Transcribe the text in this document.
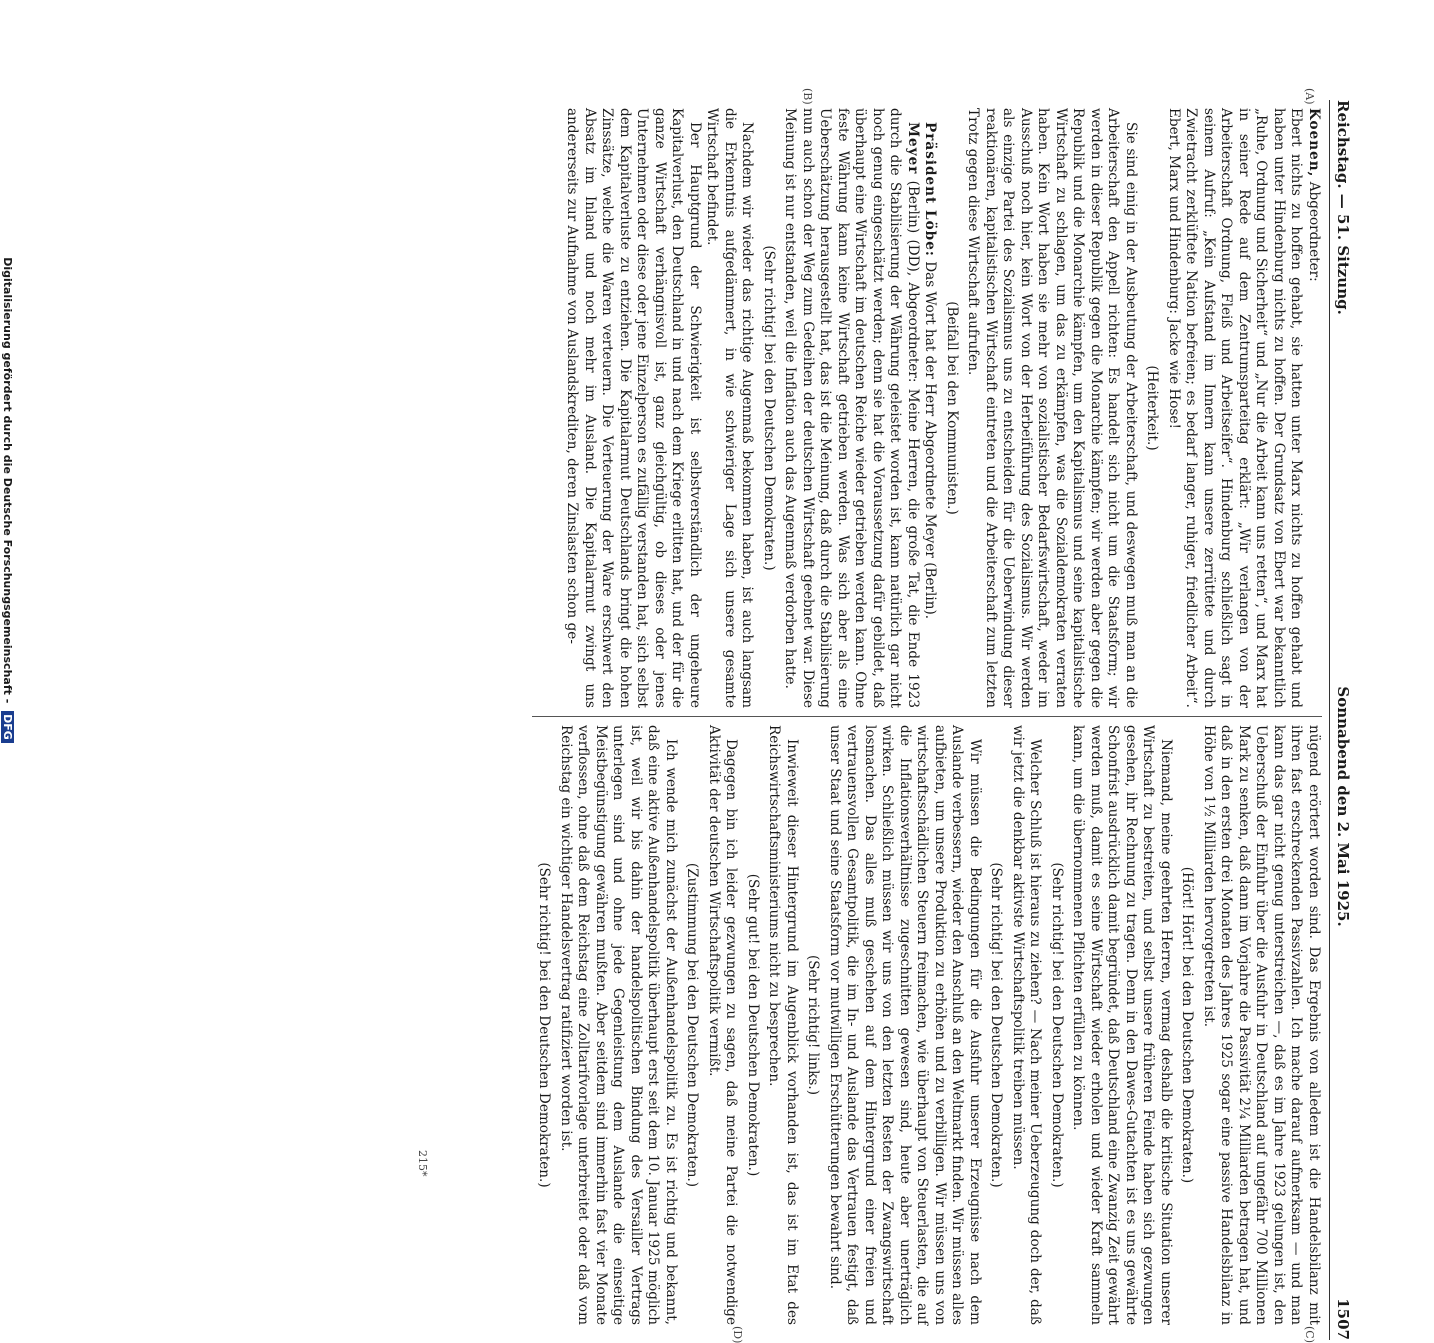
Reichstag. — 51. Sitzung.
Sonnabend den 2. Mai 1925.
1507
(A)
(B)
(C)
(D)

Koenen, Abgeordneter:

Ebert nichts zu hoffen gehabt, sie hatten unter Marx nichts zu hoffen gehabt und haben unter Hindenburg nichts zu hoffen. Der Grundsatz von Ebert war bekanntlich „Ruhe, Ordnung und Sicherheit“ und „Nur die Arbeit kann uns retten“, und Marx hat in seiner Rede auf dem Zentrumsparteitag erklärt: „Wir verlangen von der Arbeiterschaft Ordnung, Fleiß und Arbeitseifer“. Hindenburg schließlich sagt in seinem Aufruf: „Kein Aufstand im Innern kann unsere zerrüttete und durch Zwietracht zerklüftete Nation befreien; es bedarf langer, ruhiger, friedlicher Arbeit“. Ebert, Marx und Hindenburg: Jacke wie Hose!

(Heiterkeit.)

Sie sind einig in der Ausbeutung der Arbeiterschaft, und deswegen muß man an die Arbeiterschaft den Appell richten: Es handelt sich nicht um die Staatsform; wir werden in dieser Republik gegen die Monarchie kämpfen; wir werden aber gegen die Republik und die Monarchie kämpfen, um den Kapitalismus und seine kapitalistische Wirtschaft zu schlagen, um das zu erkämpfen, was die Sozialdemokraten verraten haben. Kein Wort haben sie mehr von sozialistischer Bedarfswirtschaft, weder im Ausschuß noch hier, kein Wort von der Herbeiführung des Sozialismus. Wir werden als einzige Partei des Sozialismus uns zu entscheiden für die Ueberwindung dieser reaktionären, kapitalistischen Wirtschaft eintreten und die Arbeiterschaft zum letzten Trotz gegen diese Wirtschaft aufrufen.

(Beifall bei den Kommunisten.)

Präsident Löbe: Das Wort hat der Herr Abgeordnete Meyer (Berlin).

Meyer (Berlin) (DD), Abgeordneter: Meine Herren, die große Tat, die Ende 1923 durch die Stabilisierung der Währung geleistet worden ist, kann natürlich gar nicht hoch genug eingeschätzt werden; denn sie hat die Voraussetzung dafür gebildet, daß überhaupt eine Wirtschaft im deutschen Reiche wieder getrieben werden kann. Ohne feste Währung kann keine Wirtschaft getrieben werden. Was sich aber als eine Ueberschätzung herausgestellt hat, das ist die Meinung, daß durch die Stabilisierung nun auch schon der Weg zum Gedeihen der deutschen Wirtschaft geebnet war. Diese Meinung ist nur entstanden, weil die Inflation auch das Augenmaß verdorben hatte.

(Sehr richtig! bei den Deutschen Demokraten.)

Nachdem wir wieder das richtige Augenmaß bekommen haben, ist auch langsam die Erkenntnis aufgedämmert, in wie schwieriger Lage sich unsere gesamte Wirtschaft befindet.

Der Hauptgrund der Schwierigkeit ist selbstverständlich der ungeheure Kapitalverlust, den Deutschland in und nach dem Kriege erlitten hat, und der für die ganze Wirtschaft verhängnisvoll ist, ganz gleichgültig, ob dieses oder jenes Unternehmen oder diese oder jene Einzelperson es zufällig verstanden hat, sich selbst dem Kapitalverluste zu entziehen. Die Kapitalarmut Deutschlands bringt die hohen Zinssätze, welche die Waren verteuern. Die Verteuerung der Ware erschwert den Absatz im Inland und noch mehr im Ausland. Die Kapitalarmut zwingt uns andererseits zur Aufnahme von Auslandskrediten, deren Zinslasten schon ge-

nügend erörtert worden sind. Das Ergebnis von alledem ist die Handelsbilanz mit ihren fast erschreckenden Passivzahlen. Ich mache darauf aufmerksam — und man kann das gar nicht genug unterstreichen —, daß es im Jahre 1923 gelungen ist, den Ueberschuß der Einfuhr über die Ausfuhr in Deutschland auf ungefähr 700 Millionen Mark zu senken, daß dann im Vorjahre die Passivität 2¼ Milliarden betragen hat, und daß in den ersten drei Monaten des Jahres 1925 sogar eine passive Handelsbilanz in Höhe von 1½ Milliarden hervorgetreten ist.

(Hört! Hört! bei den Deutschen Demokraten.)

Niemand, meine geehrten Herren, vermag deshalb die kritische Situation unserer Wirtschaft zu bestreiten, und selbst unsere früheren Feinde haben sich gezwungen gesehen, ihr Rechnung zu tragen. Denn in den Dawes-Gutachten ist es uns gewährte Schonfrist ausdrücklich damit begründet, daß Deutschland eine Zwanzig Zeit gewährt werden muß, damit es seine Wirtschaft wieder erholen und wieder Kraft sammeln kann, um die übernommenen Pflichten erfüllen zu können.

(Sehr richtig! bei den Deutschen Demokraten.)

Welcher Schluß ist hieraus zu ziehen? — Nach meiner Ueberzeugung doch der, daß wir jetzt die denkbar aktivste Wirtschaftspolitik treiben müssen.

(Sehr richtig! bei den Deutschen Demokraten.)

Wir müssen die Bedingungen für die Ausfuhr unserer Erzeugnisse nach dem Auslande verbessern, wieder den Anschluß an den Weltmarkt finden. Wir müssen alles aufbieten, um unsere Produktion zu erhöhen und zu verbilligen. Wir müssen uns von wirtschaftsschädlichen Steuern freimachen, wie überhaupt von Steuerlasten, die auf die Inflationsverhältnisse zugeschnitten gewesen sind, heute aber unerträglich wirken. Schließlich müssen wir uns von den letzten Resten der Zwangswirtschaft losmachen. Das alles muß geschehen auf dem Hintergrund einer freien und vertrauensvollen Gesamtpolitik, die im In- und Auslande das Vertrauen festigt, daß unser Staat und seine Staatsform vor mutwilligen Erschütterungen bewahrt sind.

(Sehr richtig! links.)

Inwieweit dieser Hintergrund im Augenblick vorhanden ist, das ist im Etat des Reichswirtschaftsministeriums nicht zu besprechen.

(Sehr gut! bei den Deutschen Demokraten.)

Dagegen bin ich leider gezwungen zu sagen, daß meine Partei die notwendige Aktivität der deutschen Wirtschaftspolitik vermißt.

(Zustimmung bei den Deutschen Demokraten.)

Ich wende mich zunächst der Außenhandelspolitik zu. Es ist richtig und bekannt, daß eine aktive Außenhandelspolitik überhaupt erst seit dem 10. Januar 1925 möglich ist, weil wir bis dahin der handelspolitischen Bindung des Versailler Vertrags unterlegen sind und ohne jede Gegenleistung dem Auslande die einseitige Meistbegünstigung gewähren mußten. Aber seitdem sind immerhin fast vier Monate verflossen, ohne daß dem Reichstag eine Zolltarifvorlage unterbreitet oder daß vom Reichstag ein wichtiger Handelsvertrag ratifiziert worden ist.

(Sehr richtig! bei den Deutschen Demokraten.)

215*
Digitalisierung gefördert durch die Deutsche Forschungsgemeinschaft - DFG
